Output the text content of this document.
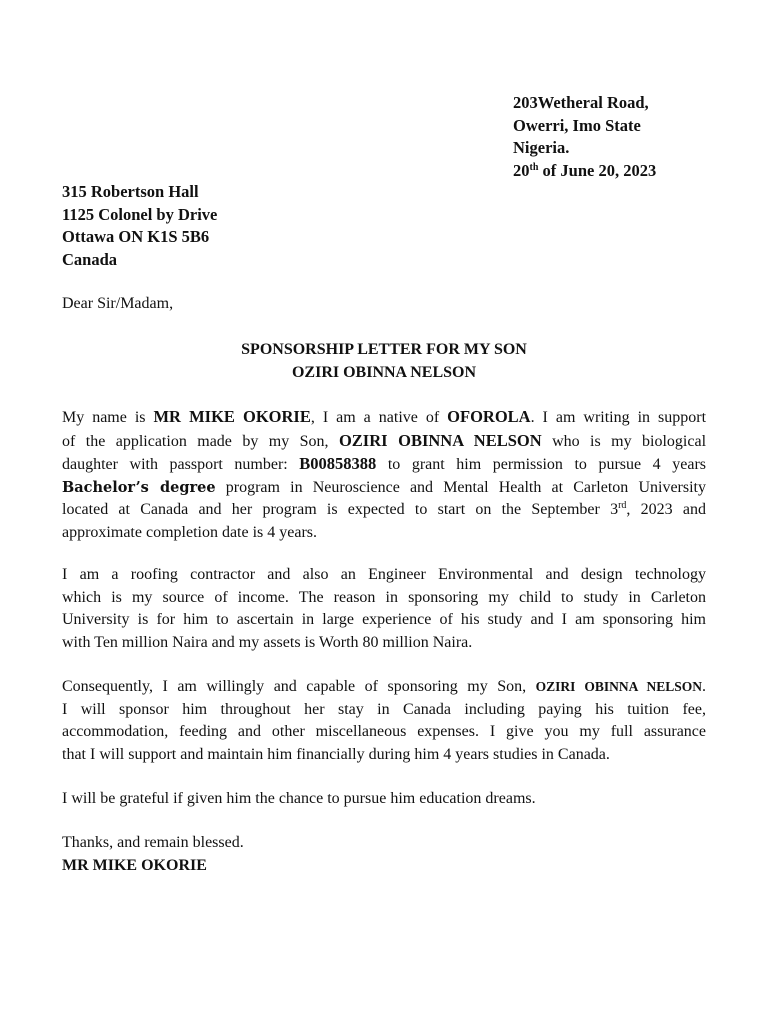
203Wetheral Road,
Owerri, Imo State
Nigeria.
20th of June 20, 2023
315 Robertson Hall
1125 Colonel by Drive
Ottawa ON K1S 5B6
Canada
Dear Sir/Madam,
SPONSORSHIP LETTER FOR MY SON
OZIRI OBINNA NELSON
My name is MR MIKE OKORIE, I am a native of OFOROLA. I am writing in support
of the application made by my Son, OZIRI OBINNA NELSON who is my biological
daughter with passport number: B00858388 to grant him permission to pursue 4 years
Bachelor’s degree program in Neuroscience and Mental Health at Carleton University
located at Canada and her program is expected to start on the September 3rd, 2023 and
approximate completion date is 4 years.
I am a roofing contractor and also an Engineer Environmental and design technology
which is my source of income. The reason in sponsoring my child to study in Carleton
University is for him to ascertain in large experience of his study and I am sponsoring him
with Ten million Naira and my assets is Worth 80 million Naira.
Consequently, I am willingly and capable of sponsoring my Son, OZIRI OBINNA NELSON.
I will sponsor him throughout her stay in Canada including paying his tuition fee,
accommodation, feeding and other miscellaneous expenses. I give you my full assurance
that I will support and maintain him financially during him 4 years studies in Canada.
I will be grateful if given him the chance to pursue him education dreams.
Thanks, and remain blessed.
MR MIKE OKORIE
